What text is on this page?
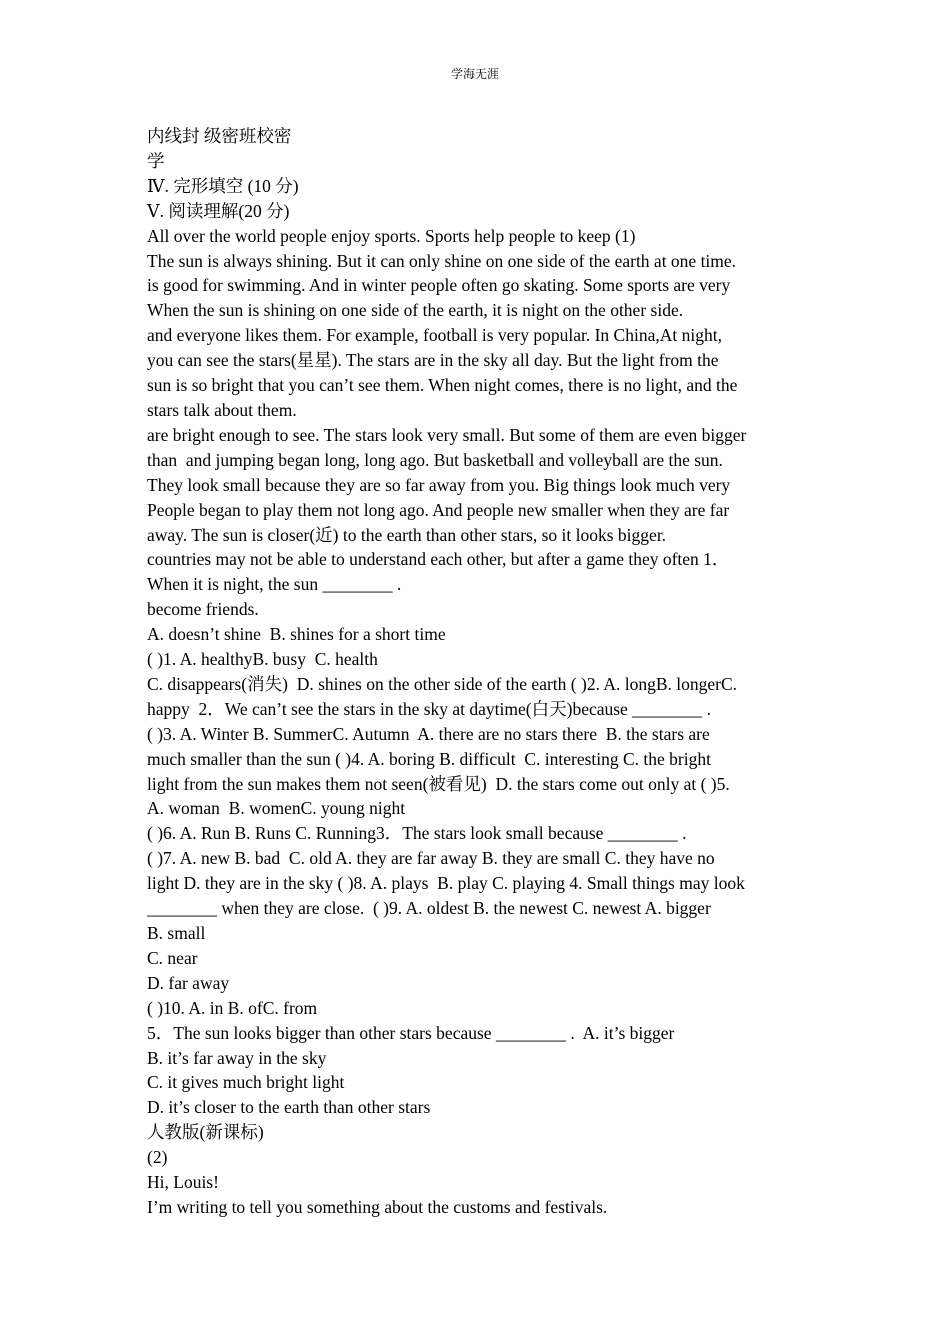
学海无涯
内线封 级密班校密
学
Ⅳ. 完形填空 (10 分)
Ⅴ. 阅读理解(20 分)
All over the world people enjoy sports. Sports help people to keep (1)
The sun is always shining. But it can only shine on one side of the earth at one time.
is good for swimming. And in winter people often go skating. Some sports are very
When the sun is shining on one side of the earth, it is night on the other side.
and everyone likes them. For example, football is very popular. In China,At night,
you can see the stars(星星). The stars are in the sky all day. But the light from the
sun is so bright that you can’t see them. When night comes, there is no light, and the
stars talk about them.
are bright enough to see. The stars look very small. But some of them are even bigger
than  and jumping began long, long ago. But basketball and volleyball are the sun.
They look small because they are so far away from you. Big things look much very
People began to play them not long ago. And people new smaller when they are far
away. The sun is closer(近) to the earth than other stars, so it looks bigger.
countries may not be able to understand each other, but after a game they often 1．
When it is night, the sun ________ .
become friends.
A. doesn’t shine  B. shines for a short time
( )1. A. healthyB. busy  C. health
C. disappears(消失)  D. shines on the other side of the earth ( )2. A. longB. longerC.
happy  2．We can’t see the stars in the sky at daytime(白天)because ________ .
( )3. A. Winter B. SummerC. Autumn  A. there are no stars there  B. the stars are
much smaller than the sun ( )4. A. boring B. difficult  C. interesting C. the bright
light from the sun makes them not seen(被看见)  D. the stars come out only at ( )5.
A. woman  B. womenC. young night
( )6. A. Run B. Runs C. Running3．The stars look small because ________ .
( )7. A. new B. bad  C. old A. they are far away B. they are small C. they have no
light D. they are in the sky ( )8. A. plays  B. play C. playing 4. Small things may look
________ when they are close.  ( )9. A. oldest B. the newest C. newest A. bigger
B. small
C. near
D. far away
( )10. A. in B. ofC. from
5．The sun looks bigger than other stars because ________ .  A. it’s bigger
B. it’s far away in the sky
C. it gives much bright light
D. it’s closer to the earth than other stars
人教版(新课标)
(2)
Hi, Louis!
I’m writing to tell you something about the customs and festivals.
